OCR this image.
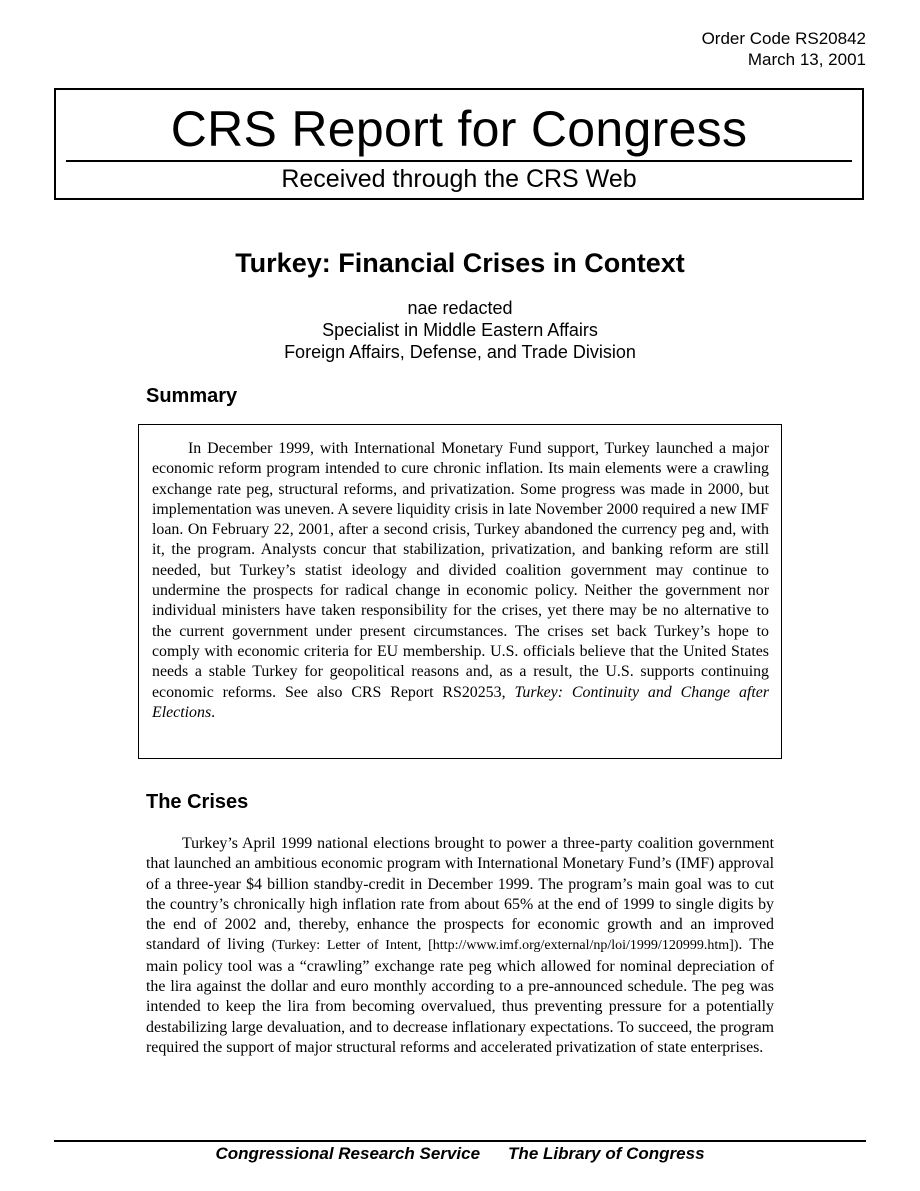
Order Code RS20842
March 13, 2001
CRS Report for Congress
Received through the CRS Web
Turkey: Financial Crises in Context
nae redacted
Specialist in Middle Eastern Affairs
Foreign Affairs, Defense, and Trade Division
Summary

In December 1999, with International Monetary Fund support, Turkey launched a major economic reform program intended to cure chronic inflation. Its main elements were a crawling exchange rate peg, structural reforms, and privatization. Some progress was made in 2000, but implementation was uneven. A severe liquidity crisis in late November 2000 required a new IMF loan. On February 22, 2001, after a second crisis, Turkey abandoned the currency peg and, with it, the program. Analysts concur that stabilization, privatization, and banking reform are still needed, but Turkey’s statist ideology and divided coalition government may continue to undermine the prospects for radical change in economic policy. Neither the government nor individual ministers have taken responsibility for the crises, yet there may be no alternative to the current government under present circumstances. The crises set back Turkey’s hope to comply with economic criteria for EU membership. U.S. officials believe that the United States needs a stable Turkey for geopolitical reasons and, as a result, the U.S. supports continuing economic reforms. See also CRS Report RS20253, Turkey: Continuity and Change after Elections.

The Crises

Turkey’s April 1999 national elections brought to power a three-party coalition government that launched an ambitious economic program with International Monetary Fund’s (IMF) approval of a three-year $4 billion standby-credit in December 1999. The program’s main goal was to cut the country’s chronically high inflation rate from about 65% at the end of 1999 to single digits by the end of 2002 and, thereby, enhance the prospects for economic growth and an improved standard of living (Turkey: Letter of Intent, [http://www.imf.org/external/np/loi/1999/120999.htm]). The main policy tool was a “crawling” exchange rate peg which allowed for nominal depreciation of the lira against the dollar and euro monthly according to a pre-announced schedule. The peg was intended to keep the lira from becoming overvalued, thus preventing pressure for a potentially destabilizing large devaluation, and to decrease inflationary expectations. To succeed, the program required the support of major structural reforms and accelerated privatization of state enterprises.

Congressional Research Service The Library of Congress
